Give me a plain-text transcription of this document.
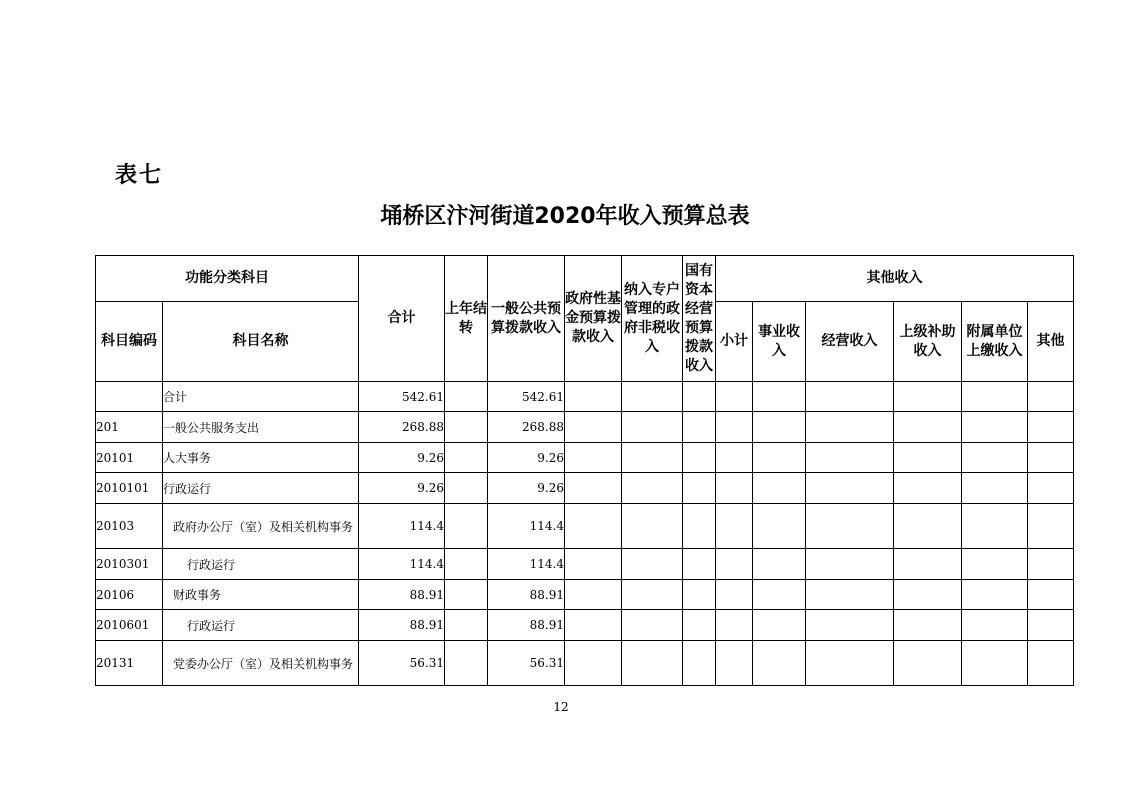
表七
埇桥区汴河街道2020年收入预算总表
功能分类科目		合计	上年结转	一般公共预算拨款收入	政府性基金预算拨款收入	纳入专户管理的政府非税收入	国有资本经营预算拨款收入	其他收入					
科目编码	科目名称							小计	事业收入	经营收入	上级补助收入	附属单位上缴收入	其他
	合计	542.61		542.61									
201	一般公共服务支出	268.88		268.88									
20101	人大事务	9.26		9.26									
2010101	行政运行	9.26		9.26									
20103	政府办公厅（室）及相关机构事务	114.4		114.4									
2010301	行政运行	114.4		114.4									
20106	财政事务	88.91		88.91									
2010601	行政运行	88.91		88.91									
20131	党委办公厅（室）及相关机构事务	56.31		56.31									
12
